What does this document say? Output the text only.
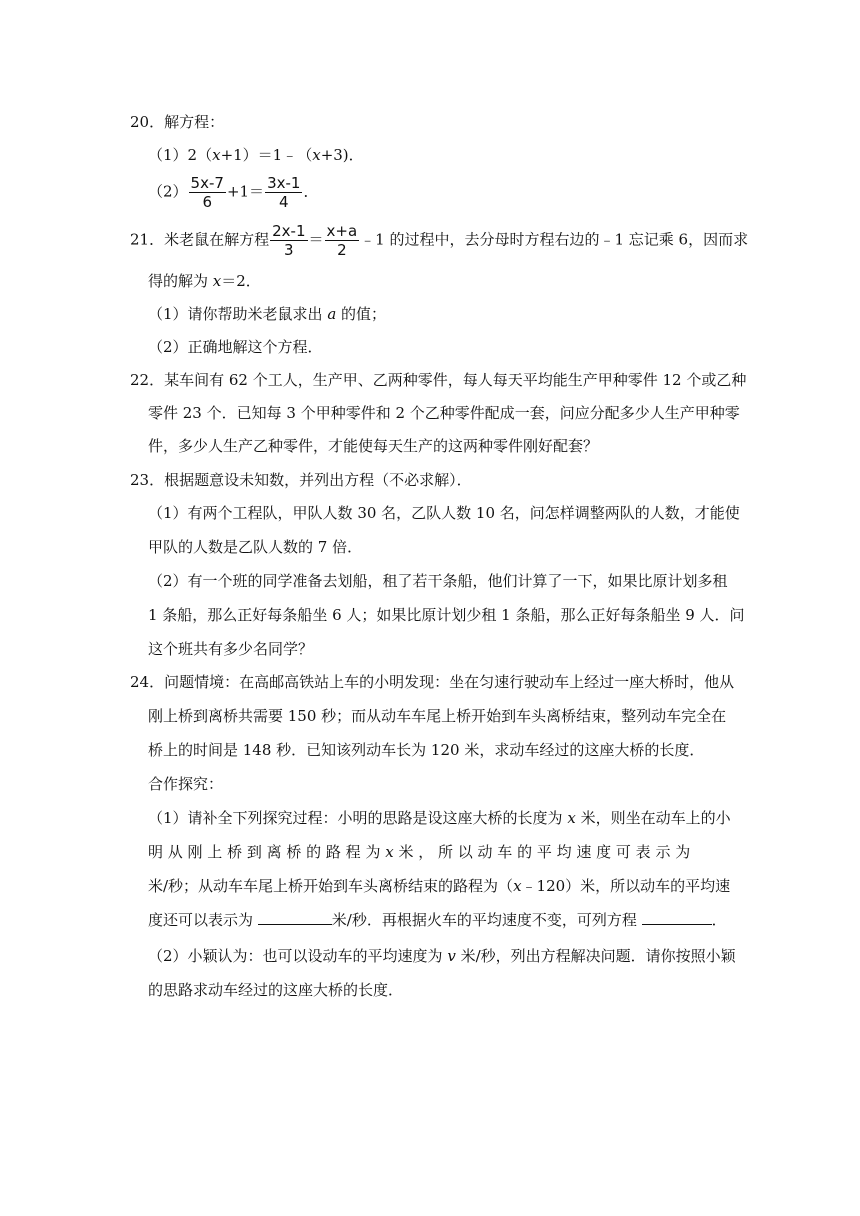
20．解方程：
（1）2（x+1）＝1﹣（x+3)．
$(2) \frac{5x-7}{6} +1= \frac{3x-1}{4}$ ．
21．米老鼠在解方程 $\frac{2x-1}{3} = \frac{x+a}{2}$ ﹣1 的过程中，去分母时方程右边的﹣1 忘记乘 6，因而求
得的解为 x＝2．
（1）请你帮助米老鼠求出 a 的值；
（2）正确地解这个方程．
22．某车间有 62 个工人，生产甲、乙两种零件，每人每天平均能生产甲种零件 12 个或乙种
零件 23 个．已知每 3 个甲种零件和 2 个乙种零件配成一套，问应分配多少人生产甲种零
件，多少人生产乙种零件，才能使每天生产的这两种零件刚好配套？
23．根据题意设未知数，并列出方程（不必求解）．
（1）有两个工程队，甲队人数 30 名，乙队人数 10 名，问怎样调整两队的人数，才能使
甲队的人数是乙队人数的 7 倍．
（2）有一个班的同学准备去划船，租了若干条船，他们计算了一下，如果比原计划多租
1 条船，那么正好每条船坐 6 人；如果比原计划少租 1 条船，那么正好每条船坐 9 人．问
这个班共有多少名同学？
24．问题情境：在高邮高铁站上车的小明发现：坐在匀速行驶动车上经过一座大桥时，他从
刚上桥到离桥共需要 150 秒；而从动车车尾上桥开始到车头离桥结束，整列动车完全在
桥上的时间是 148 秒．已知该列动车长为 120 米，求动车经过的这座大桥的长度．
合作探究：
（1）请补全下列探究过程：小明的思路是设这座大桥的长度为 x 米，则坐在动车上的小
明 从 刚 上 桥 到 离 桥 的 路 程 为 x 米 ， 所 以 动 车 的 平 均 速 度 可 表 示 为
米/秒；从动车车尾上桥开始到车头离桥结束的路程为（x﹣120）米，所以动车的平均速
度还可以表示为	米/秒．再根据火车的平均速度不变，可列方程	．
（2）小颖认为：也可以设动车的平均速度为 v 米/秒，列出方程解决问题．请你按照小颖
的思路求动车经过的这座大桥的长度．
